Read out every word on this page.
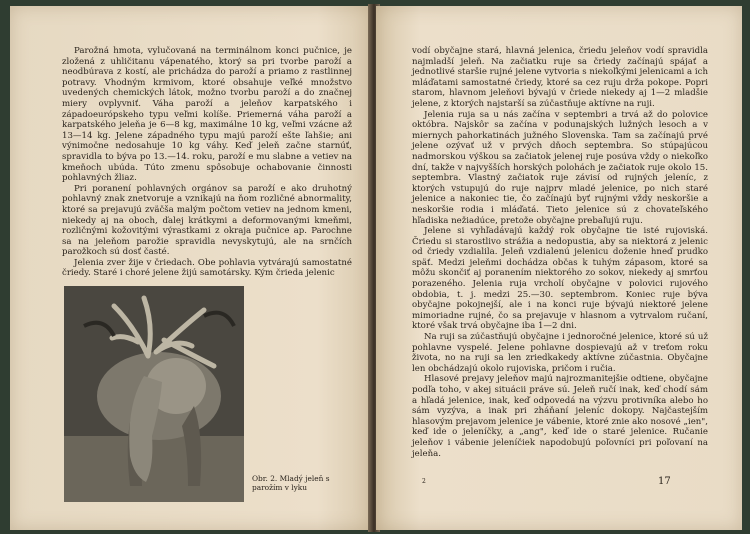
Parožná hmota, vylučovaná na terminálnom konci pučnice, je zložená z uhličitanu vápenatého, ktorý sa pri tvorbe paroží a neodbúrava z kostí, ale prichádza do paroží a priamo z rastlinnej potravy. Vhodným krmivom, ktoré obsahuje veľké množstvo uvedených chemických látok, možno tvorbu paroží a do značnej miery ovplyvniť. Váha paroží a jeleňov karpatského i západoeurópskeho typu veľmi kolíše. Priemerná váha paroží a karpatského jeleňa je 6—8 kg, maximálne 10 kg, veľmi vzácne až 13—14 kg. Jelene západného typu majú paroží ešte ľahšie; ani výnimočne nedosahuje 10 kg váhy. Keď jeleň začne starnúť, spravidla to býva po 13.—14. roku, paroží e mu slabne a vetiev na kmeňoch ubúda. Túto zmenu spôsobuje ochabovanie činnosti pohlavných žliaz.

Pri poranení pohlavných orgánov sa paroží e ako druhotný pohlavný znak znetvoruje a vznikajú na ňom rozličné abnormality, ktoré sa prejavujú zväčša malým počtom vetiev na jednom kmeni, niekedy aj na oboch, ďalej krátkymi a deformovanými kmeňmi, rozličnými kožovitými výrastkami z okraja pučnice ap. Parochne sa na jeleňom parožie spravidla nevyskytujú, ale na srnčích parožkoch sú dosť časté.

Jelenia zver žije v čriedach. Obe pohlavia vytvárajú samostatné čriedy. Staré i choré jelene žijú samotársky. Kým črieda jelenic

Obr. 2. Mladý jeleň s parožím v lyku

vodí obyčajne stará, hlavná jelenica, čriedu jeleňov vodí spravidla najmladší jeleň. Na začiatku ruje sa čriedy začínajú spájať a jednotlivé staršie rujné jelene vytvoria s niekoľkými jelenicami a ich mláďatami samostatné čriedy, ktoré sa cez ruju drža pokope. Popri starom, hlavnom jeleňovi bývajú v čriede niekedy aj 1—2 mladšie jelene, z ktorých najstarší sa zúčastňuje aktívne na ruji.

Jelenia ruja sa u nás začína v septembri a trvá až do polovice októbra. Najskôr sa začína v podunajských lužných lesoch a v miernych pahorkatinách južného Slovenska. Tam sa začínajú prvé jelene ozývať už v prvých dňoch septembra. So stúpajúcou nadmorskou výškou sa začiatok jelenej ruje posúva vždy o niekoľko dní, takže v najvyšších horských polohách je začiatok ruje okolo 15. septembra. Vlastný začiatok ruje závisí od rujných jeleníc, z ktorých vstupujú do ruje najprv mladé jelenice, po nich staré jelenice a nakoniec tie, čo začínajú byť rujnými vždy neskoršie a neskoršie rodia i mláďatá. Tieto jelenice sú z chovateľského hľadiska nežiadúce, pretože obyčajne prebaľujú ruju.

Jelene si vyhľadávajú každý rok obyčajne tie isté rujoviská. Čriedu si starostlivo strážia a nedopustia, aby sa niektorá z jelenic od čriedy vzdialila. Jeleň vzdialenú jelenicu doženie hneď prudko späť. Medzi jeleňmi dochádza občas k tuhým zápasom, ktoré sa môžu skončiť aj poranením niektorého zo sokov, niekedy aj smrťou porazeného. Jelenia ruja vrcholí obyčajne v polovici rujového obdobia, t. j. medzi 25.—30. septembrom. Koniec ruje býva obyčajne pokojnejší, ale i na konci ruje bývajú niektoré jelene mimoriadne rujné, čo sa prejavuje v hlasnom a vytrvalom ručaní, ktoré však trvá obyčajne iba 1—2 dni.

Na ruji sa zúčastňujú obyčajne i jednoročné jelenice, ktoré sú už pohlavne vyspelé. Jelene pohlavne dospievajú až v treťom roku života, no na ruji sa len zriedkakedy aktívne zúčastnia. Obyčajne len obchádzajú okolo rujoviska, pričom i ručia.

Hlasové prejavy jeleňov majú najrozmanitejšie odtiene, obyčajne podľa toho, v akej situácii práve sú. Jeleň ručí inak, keď chodí sám a hľadá jelenice, inak, keď odpovedá na výzvu protivníka alebo ho sám vyzýva, a inak pri zháňaní jeleníc dokopy. Najčastejším hlasovým prejavom jelenice je vábenie, ktoré znie ako nosové „ien", keď ide o jeleníčky, a „ang", keď ide o staré jelenice. Ručanie jeleňov i vábenie jeleníčiek napodobujú poľovníci pri poľovaní na jeleňa.

2	17
